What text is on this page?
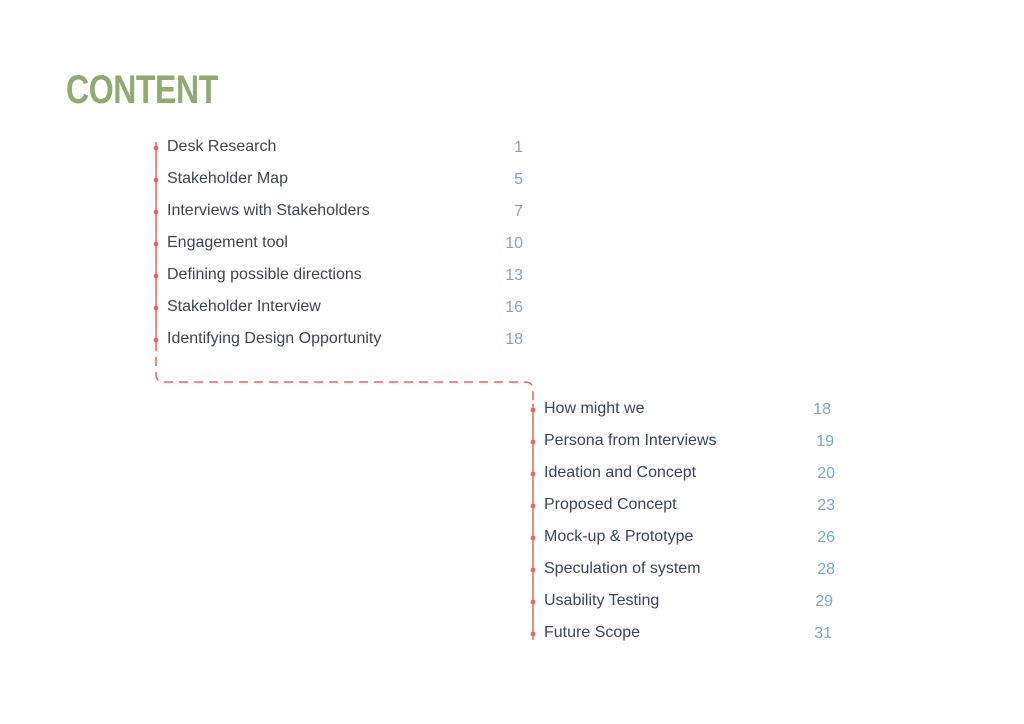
CONTENT
Desk Research	1
Stakeholder Map	5
Interviews with Stakeholders	7
Engagement tool	10
Defining possible directions	13
Stakeholder Interview	16
Identifying Design Opportunity	18
How might we	18
Persona from Interviews	19
Ideation and Concept	20
Proposed Concept	23
Mock-up & Prototype	26
Speculation of system	28
Usability Testing	29
Future Scope	31
